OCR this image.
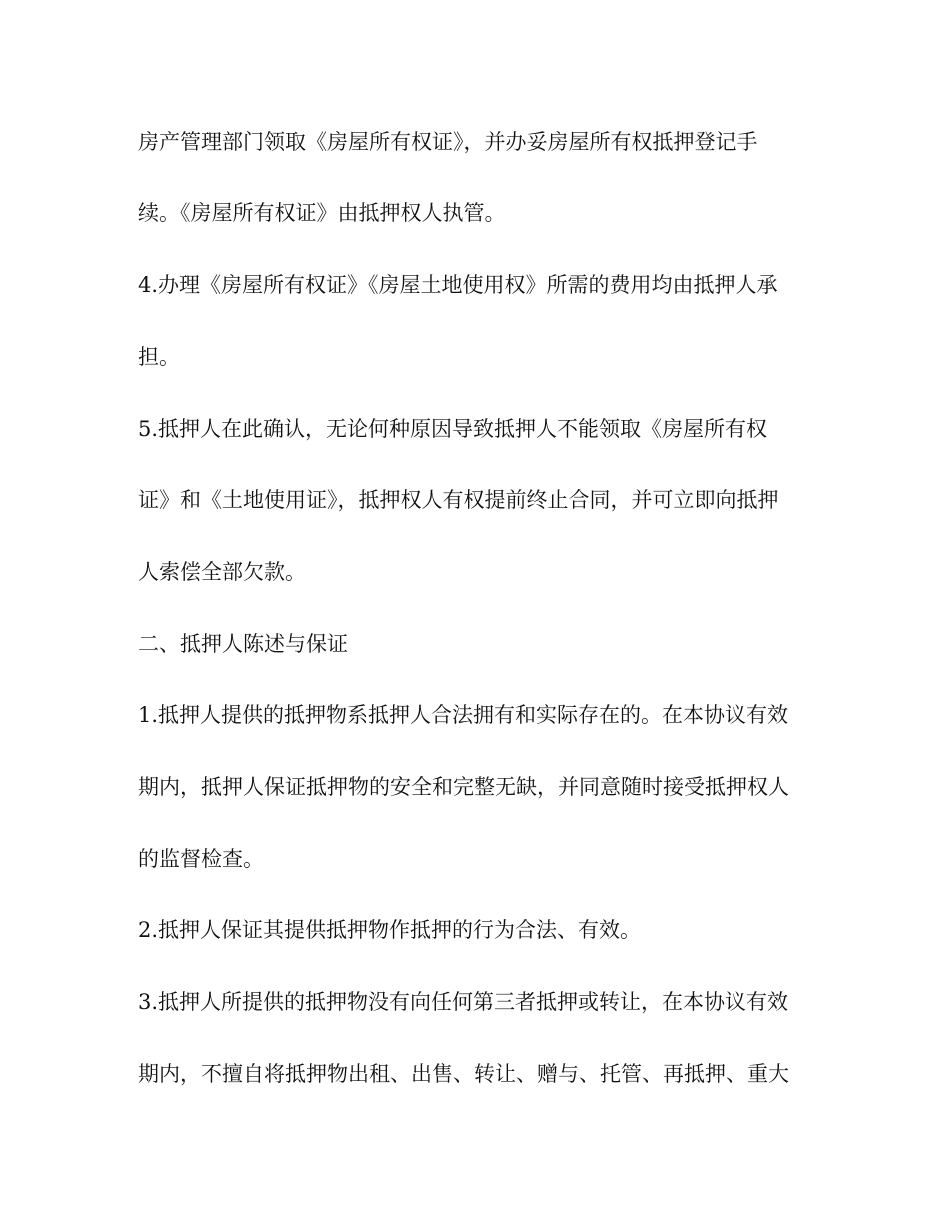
房产管理部门领取《房屋所有权证》，并办妥房屋所有权抵押登记手
续。《房屋所有权证》由抵押权人执管。
4.办理《房屋所有权证》《房屋土地使用权》所需的费用均由抵押人承
担。
5.抵押人在此确认，无论何种原因导致抵押人不能领取《房屋所有权
证》和《土地使用证》，抵押权人有权提前终止合同，并可立即向抵押
人索偿全部欠款。
二、抵押人陈述与保证
1.抵押人提供的抵押物系抵押人合法拥有和实际存在的。在本协议有效
期内，抵押人保证抵押物的安全和完整无缺，并同意随时接受抵押权人
的监督检查。
2.抵押人保证其提供抵押物作抵押的行为合法、有效。
3.抵押人所提供的抵押物没有向任何第三者抵押或转让，在本协议有效
期内，不擅自将抵押物出租、出售、转让、赠与、托管、再抵押、重大
